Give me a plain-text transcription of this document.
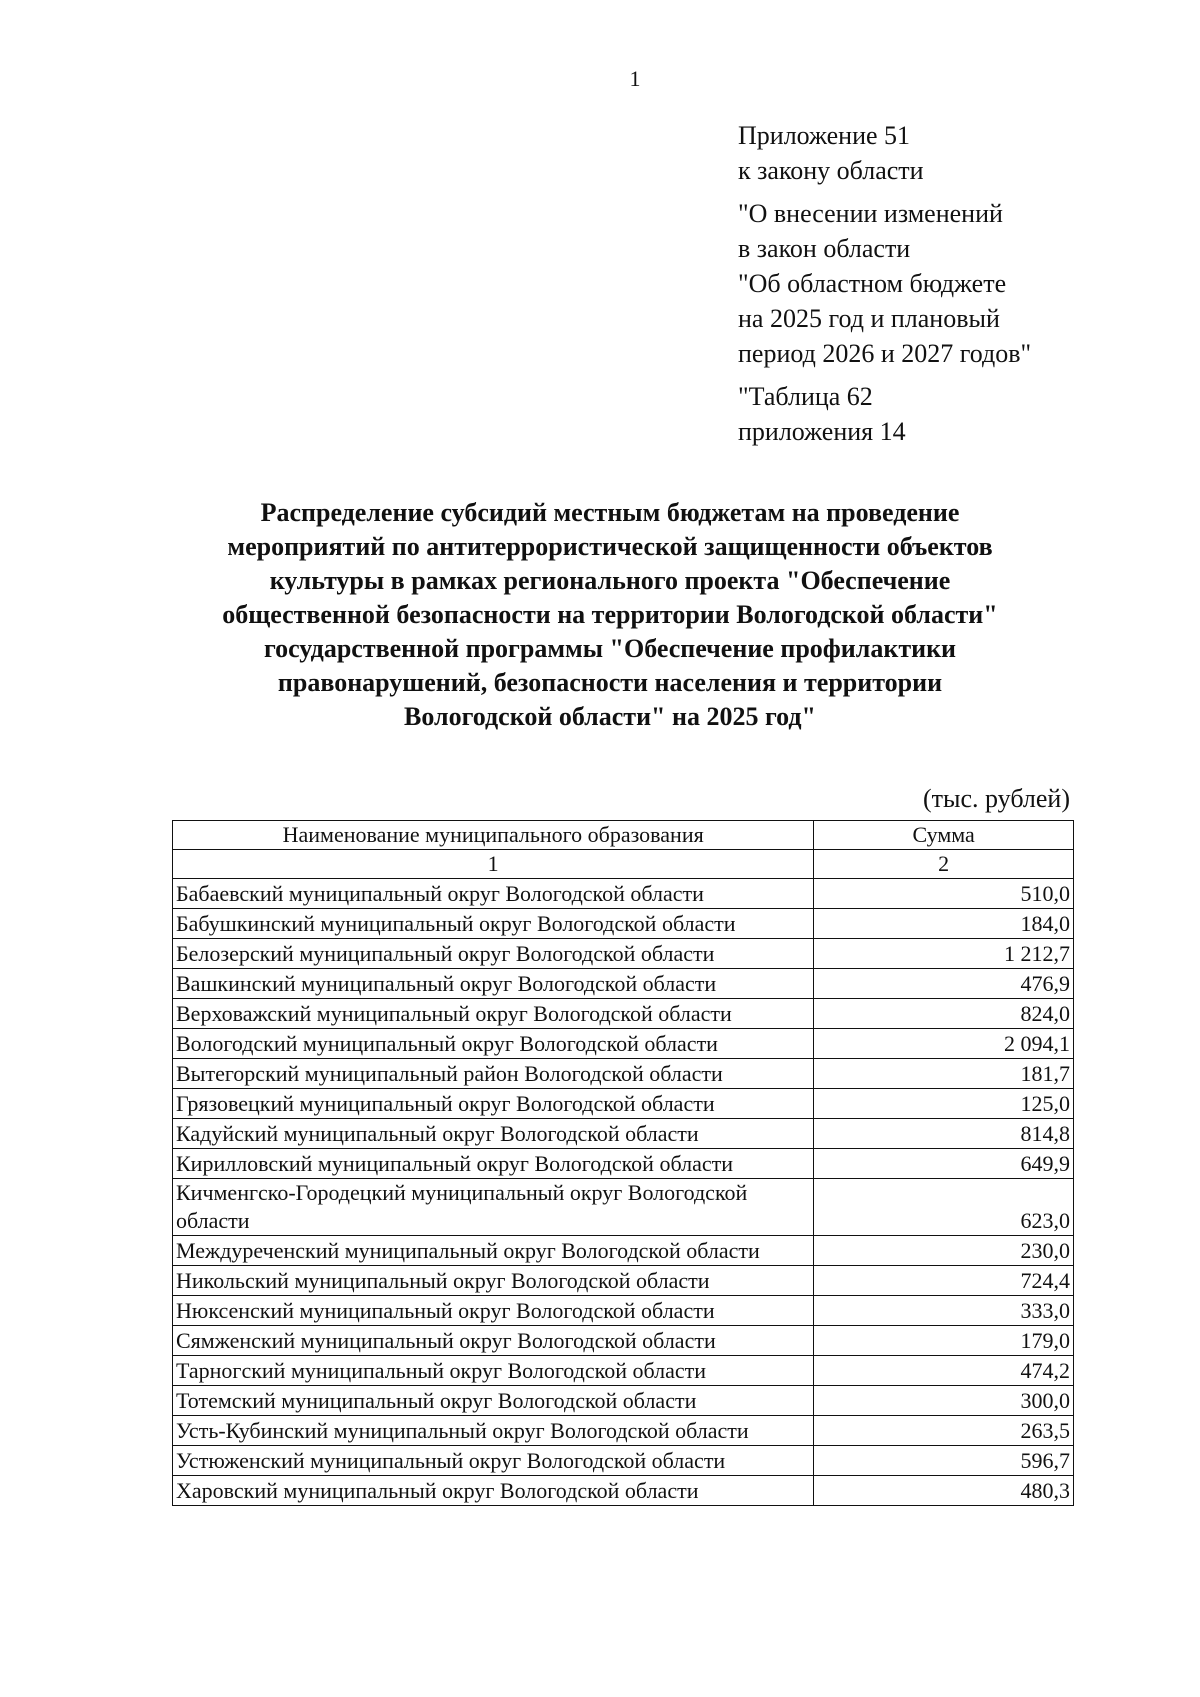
1
Приложение 51
к закону области
"О внесении изменений
в закон области
"Об областном бюджете
на 2025 год и плановый
период 2026 и 2027 годов"
"Таблица 62
приложения 14
Распределение субсидий местным бюджетам на проведение
мероприятий по антитеррористической защищенности объектов
культуры в рамках регионального проекта "Обеспечение
общественной безопасности на территории Вологодской области"
государственной программы "Обеспечение профилактики
правонарушений, безопасности населения и территории
Вологодской области" на 2025 год"
(тыс. рублей)
Наименование муниципального образования	Сумма
1	2
Бабаевский муниципальный округ Вологодской области	510,0
Бабушкинский муниципальный округ Вологодской области	184,0
Белозерский муниципальный округ Вологодской области	1 212,7
Вашкинский муниципальный округ Вологодской области	476,9
Верховажский муниципальный округ Вологодской области	824,0
Вологодский муниципальный округ Вологодской области	2 094,1
Вытегорский муниципальный район Вологодской области	181,7
Грязовецкий муниципальный округ Вологодской области	125,0
Кадуйский муниципальный округ Вологодской области	814,8
Кирилловский муниципальный округ Вологодской области	649,9
Кичменгско-Городецкий муниципальный округ Вологодской области	623,0
Междуреченский муниципальный округ Вологодской области	230,0
Никольский муниципальный округ Вологодской области	724,4
Нюксенский муниципальный округ Вологодской области	333,0
Сямженский муниципальный округ Вологодской области	179,0
Тарногский муниципальный округ Вологодской области	474,2
Тотемский муниципальный округ Вологодской области	300,0
Усть-Кубинский муниципальный округ Вологодской области	263,5
Устюженский муниципальный округ Вологодской области	596,7
Харовский муниципальный округ Вологодской области	480,3
